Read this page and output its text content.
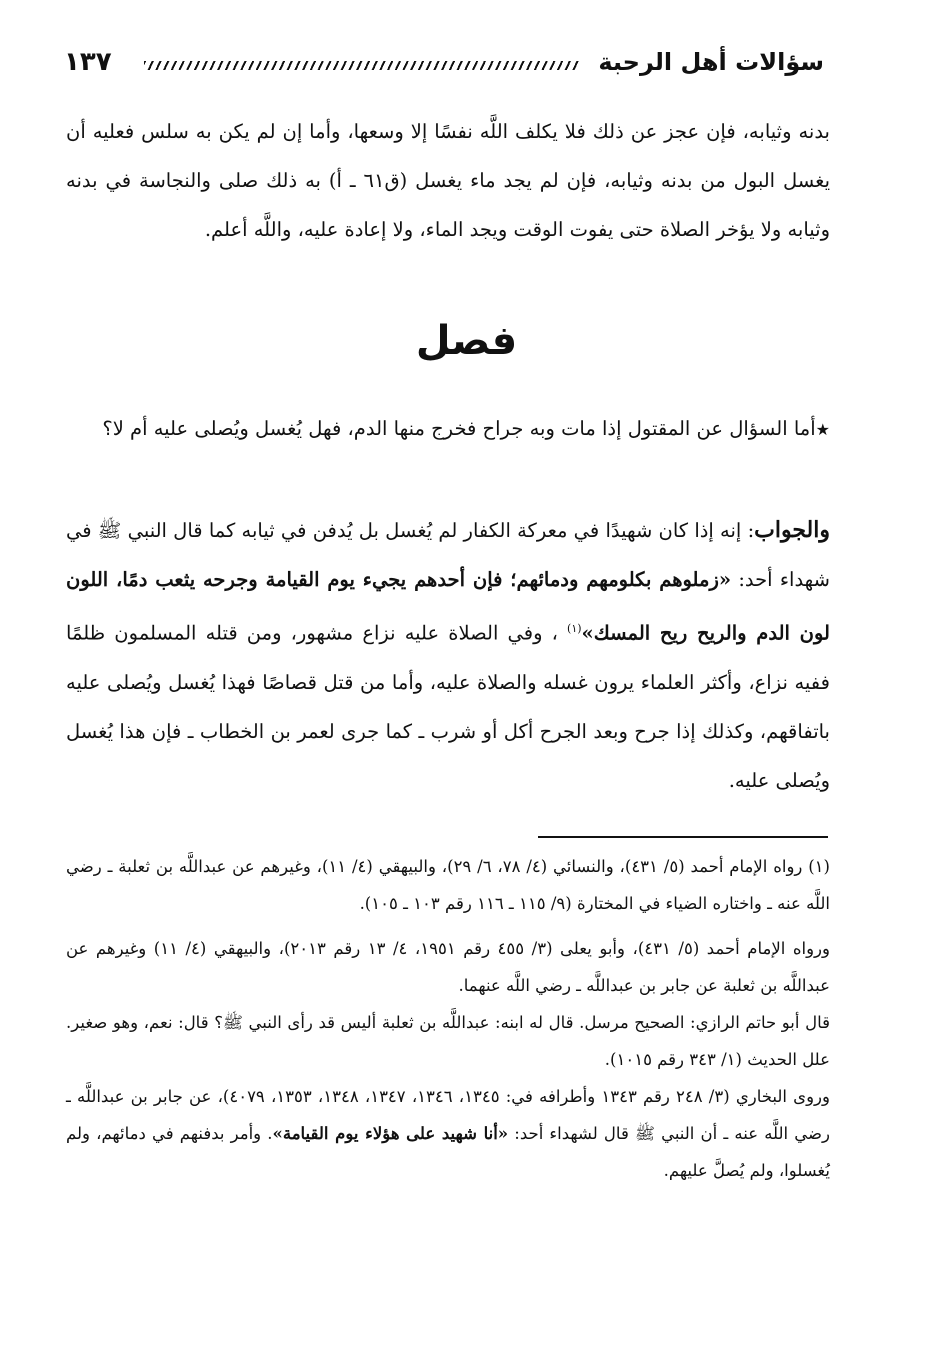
١٣٧	سؤالات أهل الرحبة

بدنه وثيابه، فإن عجز عن ذلك فلا يكلف اللَّه نفسًا إلا وسعها، وأما إن لم يكن به سلس فعليه أن يغسل البول من بدنه وثيابه، فإن لم يجد ماء يغسل (ق٦١ ـ أ) به ذلك صلى والنجاسة في بدنه وثيابه ولا يؤخر الصلاة حتى يفوت الوقت ويجد الماء، ولا إعادة عليه، واللَّه أعلم.

فصل

★أما السؤال عن المقتول إذا مات وبه جراح فخرج منها الدم، فهل يُغسل ويُصلى عليه أم لا؟

والجواب: إنه إذا كان شهيدًا في معركة الكفار لم يُغسل بل يُدفن في ثيابه كما قال النبي ﷺ في شهداء أحد: «زملوهم بكلومهم ودمائهم؛ فإن أحدهم يجيء يوم القيامة وجرحه يثعب دمًا، اللون لون الدم والريح ريح المسك»$^{(١)}$ ، وفي الصلاة عليه نزاع مشهور، ومن قتله المسلمون ظلمًا ففيه نزاع، وأكثر العلماء يرون غسله والصلاة عليه، وأما من قتل قصاصًا فهذا يُغسل ويُصلى عليه باتفاقهم، وكذلك إذا جرح وبعد الجرح أكل أو شرب ـ كما جرى لعمر بن الخطاب ـ فإن هذا يُغسل ويُصلى عليه.

(١) رواه الإمام أحمد (٥/ ٤٣١)، والنسائي (٤/ ٧٨، ٦/ ٢٩)، والبيهقي (٤/ ١١)، وغيرهم عن عبداللَّه بن ثعلبة ـ رضي اللَّه عنه ـ واختاره الضياء في المختارة (٩/ ١١٥ ـ ١١٦ رقم ١٠٣ ـ ١٠٥).

ورواه الإمام أحمد (٥/ ٤٣١)، وأبو يعلى (٣/ ٤٥٥ رقم ١٩٥١، ٤/ ١٣ رقم ٢٠١٣)، والبيهقي (٤/ ١١) وغيرهم عن عبداللَّه بن ثعلبة عن جابر بن عبداللَّه ـ رضي اللَّه عنهما.

قال أبو حاتم الرازي: الصحيح مرسل. قال له ابنه: عبداللَّه بن ثعلبة أليس قد رأى النبي ﷺ؟ قال: نعم، وهو صغير. علل الحديث (١/ ٣٤٣ رقم ١٠١٥).

وروى البخاري (٣/ ٢٤٨ رقم ١٣٤٣ وأطرافه في: ١٣٤٥، ١٣٤٦، ١٣٤٧، ١٣٤٨، ١٣٥٣، ٤٠٧٩)، عن جابر بن عبداللَّه ـ رضي اللَّه عنه ـ أن النبي ﷺ قال لشهداء أحد: «أنا شهيد على هؤلاء يوم القيامة». وأمر بدفنهم في دمائهم، ولم يُغسلوا، ولم يُصلَّ عليهم.
